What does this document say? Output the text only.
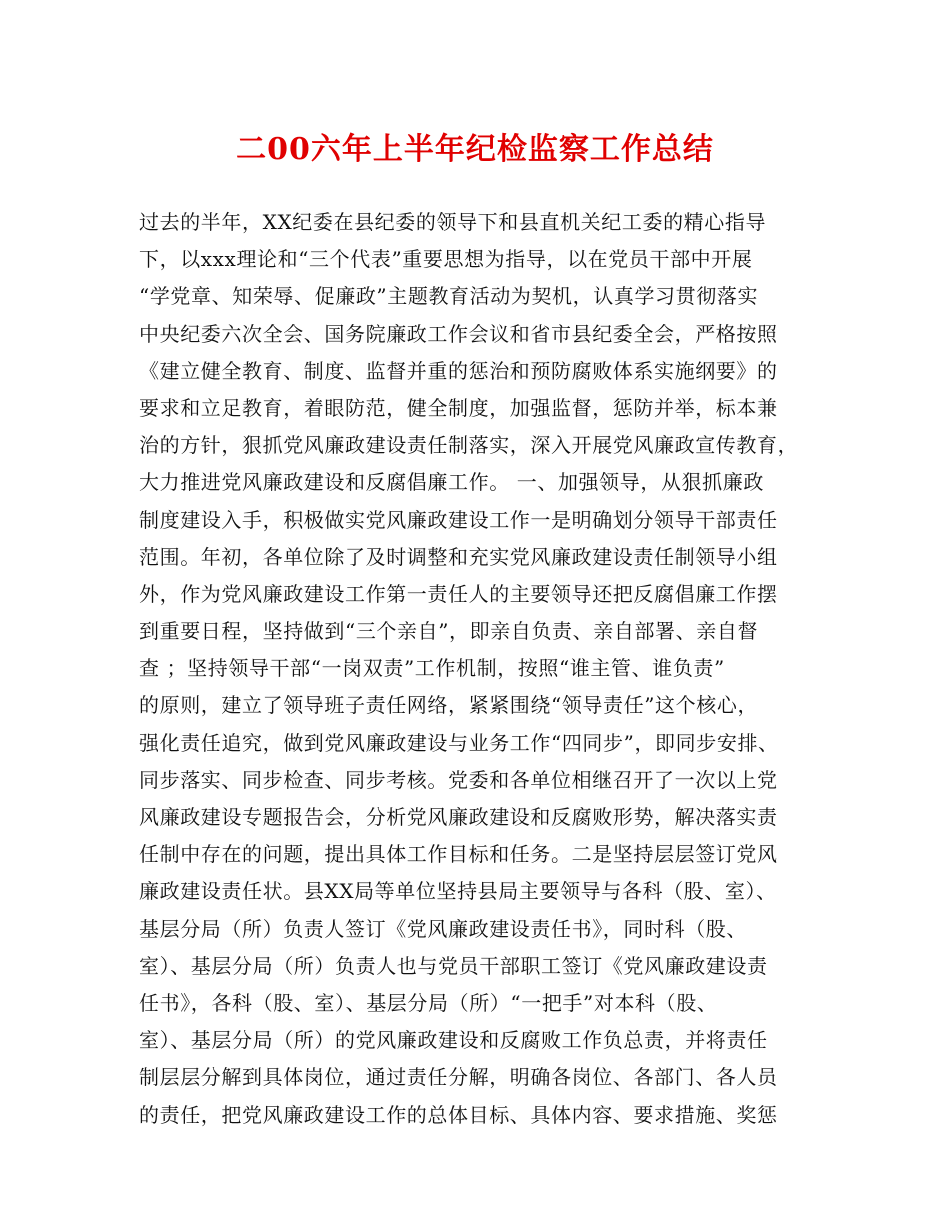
二00六年上半年纪检监察工作总结
过去的半年，XX纪委在县纪委的领导下和县直机关纪工委的精心指导
下，以xxx理论和“三个代表”重要思想为指导，以在党员干部中开展
“学党章、知荣辱、促廉政”主题教育活动为契机，认真学习贯彻落实
中央纪委六次全会、国务院廉政工作会议和省市县纪委全会，严格按照
《建立健全教育、制度、监督并重的惩治和预防腐败体系实施纲要》的
要求和立足教育，着眼防范，健全制度，加强监督，惩防并举，标本兼
治的方针，狠抓党风廉政建设责任制落实，深入开展党风廉政宣传教育，
大力推进党风廉政建设和反腐倡廉工作。 一、加强领导，从狠抓廉政
制度建设入手，积极做实党风廉政建设工作一是明确划分领导干部责任
范围。年初，各单位除了及时调整和充实党风廉政建设责任制领导小组
外，作为党风廉政建设工作第一责任人的主要领导还把反腐倡廉工作摆
到重要日程，坚持做到“三个亲自”，即亲自负责、亲自部署、亲自督
查 ；坚持领导干部“一岗双责”工作机制，按照“谁主管、谁负责”
的原则，建立了领导班子责任网络，紧紧围绕“领导责任”这个核心，
强化责任追究，做到党风廉政建设与业务工作“四同步”，即同步安排、
同步落实、同步检查、同步考核。党委和各单位相继召开了一次以上党
风廉政建设专题报告会，分析党风廉政建设和反腐败形势，解决落实责
任制中存在的问题，提出具体工作目标和任务。二是坚持层层签订党风
廉政建设责任状。县XX局等单位坚持县局主要领导与各科（股、室）、
基层分局（所）负责人签订《党风廉政建设责任书》，同时科（股、
室）、基层分局（所）负责人也与党员干部职工签订《党风廉政建设责
任书》，各科（股、室）、基层分局（所）“一把手”对本科（股、
室）、基层分局（所）的党风廉政建设和反腐败工作负总责，并将责任
制层层分解到具体岗位，通过责任分解，明确各岗位、各部门、各人员
的责任，把党风廉政建设工作的总体目标、具体内容、要求措施、奖惩
